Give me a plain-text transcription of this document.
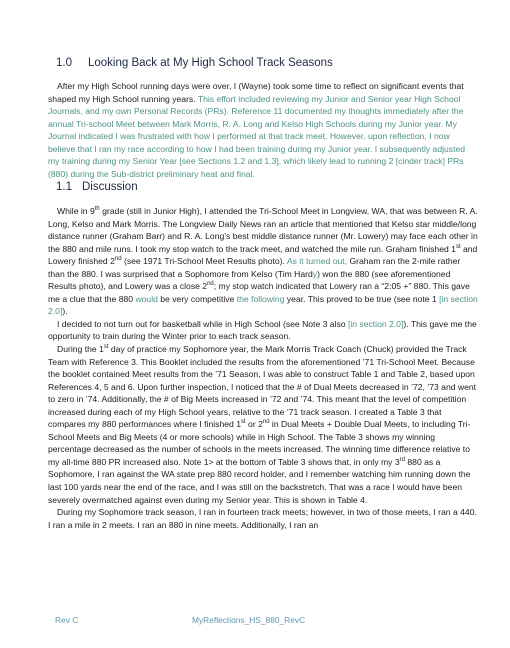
1.0 Looking Back at My High School Track Seasons

After my High School running days were over, I (Wayne) took some time to reflect on significant events that shaped my High School running years. This effort included reviewing my Junior and Senior year High School Journals, and my own Personal Records (PRs). Reference 11 documented my thoughts immediately after the annual Tri-school Meet between Mark Morris, R. A. Long and Kelso High Schools during my Junior year. My Journal indicated I was frustrated with how I performed at that track meet. However, upon reflection, I now believe that I ran my race according to how I had been training during my Junior year. I subsequently adjusted my training during my Senior Year [see Sections 1.2 and 1.3], which likely lead to running 2 [cinder track] PRs (880) during the Sub-district preliminary heat and final.

1.1 Discussion

While in 9th grade (still in Junior High), I attended the Tri-School Meet in Longview, WA, that was between R. A. Long, Kelso and Mark Morris. The Longview Daily News ran an article that mentioned that Kelso star middle/long distance runner (Graham Barr) and R. A. Long’s best middle distance runner (Mr. Lowery) may face each other in the 880 and mile runs. I took my stop watch to the track meet, and watched the mile run. Graham finished 1st and Lowery finished 2nd (see 1971 Tri-School Meet Results photo). As it turned out, Graham ran the 2-mile rather than the 880. I was surprised that a Sophomore from Kelso (Tim Hardy) won the 880 (see aforementioned Results photo), and Lowery was a close 2nd; my stop watch indicated that Lowery ran a “2:05 +” 880. This gave me a clue that the 880 would be very competitive the following year. This proved to be true (see note 1 [in section 2.0]).

I decided to not turn out for basketball while in High School (see Note 3 also [in section 2.0]). This gave me the opportunity to train during the Winter prior to each track season.

During the 1st day of practice my Sophomore year, the Mark Morris Track Coach (Chuck) provided the Track Team with Reference 3. This Booklet included the results from the aforementioned ’71 Tri-School Meet. Because the booklet contained Meet results from the ’71 Season, I was able to construct Table 1 and Table 2, based upon References 4, 5 and 6. Upon further inspection, I noticed that the # of Dual Meets decreased in ’72, ’73 and went to zero in ’74. Additionally, the # of Big Meets increased in ’72 and ’74. This meant that the level of competition increased during each of my High School years, relative to the ’71 track season. I created a Table 3 that compares my 880 performances where I finished 1st or 2nd in Dual Meets + Double Dual Meets, to including Tri-School Meets and Big Meets (4 or more schools) while in High School. The Table 3 shows my winning percentage decreased as the number of schools in the meets increased. The winning time difference relative to my all-time 880 PR increased also. Note 1> at the bottom of Table 3 shows that, in only my 3rd 880 as a Sophomore, I ran against the WA state prep 880 record holder, and I remember watching him running down the last 100 yards near the end of the race, and I was still on the backstretch. That was a race I would have been severely overmatched against even during my Senior year. This is shown in Table 4.

During my Sophomore track season, I ran in fourteen track meets; however, in two of those meets, I ran a 440. I ran a mile in 2 meets. I ran an 880 in nine meets. Additionally, I ran an

Rev C	MyReflections_HS_880_RevC
